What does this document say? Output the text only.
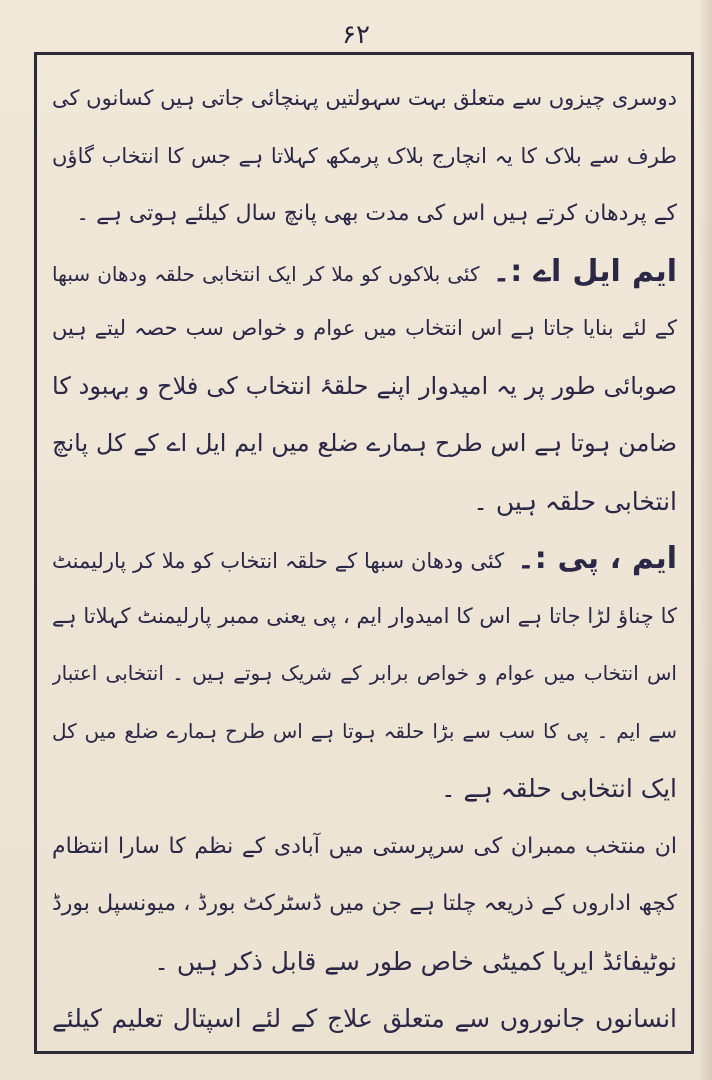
۶۲
دوسری چیزوں سے متعلق بہت سہولتیں پہنچائی جاتی ہیں کسانوں کی
طرف سے بلاک کا یہ انچارج بلاک پرمکھ کہلاتا ہے جس کا انتخاب گاؤں
کے پردھان کرتے ہیں اس کی مدت بھی پانچ سال کیلئے ہوتی ہے ۔
ایم ایل اے :۔ کئی بلاکوں کو ملا کر ایک انتخابی حلقہ ودھان سبھا
کے لئے بنایا جاتا ہے اس انتخاب میں عوام و خواص سب حصہ لیتے ہیں
صوبائی طور پر یہ امیدوار اپنے حلقۂ انتخاب کی فلاح و بہبود کا
ضامن ہوتا ہے اس طرح ہمارے ضلع میں ایم ایل اے کے کل پانچ
انتخابی حلقہ ہیں ۔
ایم ، پی :۔ کئی ودھان سبھا کے حلقہ انتخاب کو ملا کر پارلیمنٹ
کا چناؤ لڑا جاتا ہے اس کا امیدوار ایم ، پی یعنی ممبر پارلیمنٹ کہلاتا ہے
اس انتخاب میں عوام و خواص برابر کے شریک ہوتے ہیں ۔ انتخابی اعتبار
سے ایم ۔ پی کا سب سے بڑا حلقہ ہوتا ہے اس طرح ہمارے ضلع میں کل
ایک انتخابی حلقہ ہے ۔
ان منتخب ممبران کی سرپرستی میں آبادی کے نظم کا سارا انتظام
کچھ اداروں کے ذریعہ چلتا ہے جن میں ڈسٹرکٹ بورڈ ، میونسپل بورڈ
نوٹیفائڈ ایریا کمیٹی خاص طور سے قابل ذکر ہیں ۔
انسانوں جانوروں سے متعلق علاج کے لئے اسپتال تعلیم کیلئے
